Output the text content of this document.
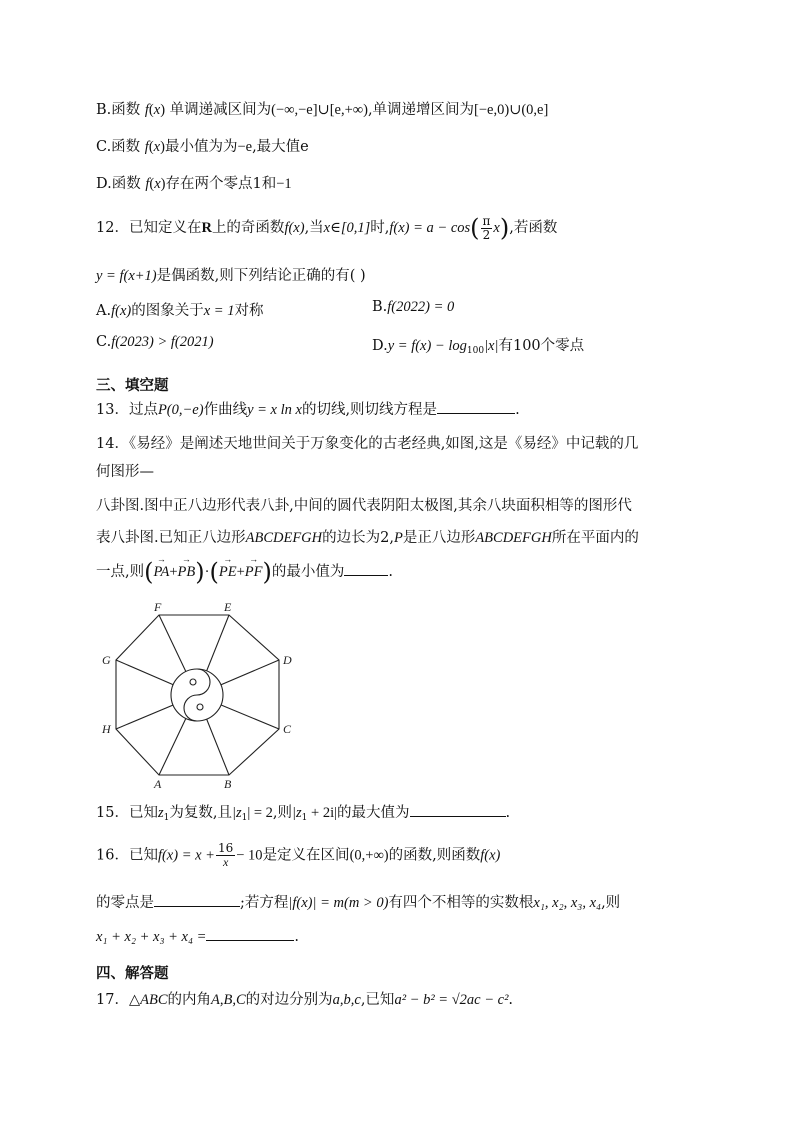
B.函数 f(x) 单调递减区间为(−∞,−e]∪[e,+∞),单调递增区间为[−e,0)∪(0,e]
C.函数 f(x)最小值为为−e,最大值e
D.函数 f(x)存在两个零点1和−1
12．已知定义在R上的奇函数f(x),当x∈[0,1]时$,f(x) = a - \cos( \frac{\pi}{2} x)$,若函数
y = f(x+1)是偶函数,则下列结论正确的有( )
A.f(x)的图象关于x = 1对称	B.f(2022) = 0
C.f(2023) > f(2021)	$D.y = f(x) - \log_{100}|x|$有100个零点
三、填空题
13．过点P(0,−e)作曲线y = x ln x的切线,则切线方程是	.
14．《易经》是阐述天地世间关于万象变化的古老经典,如图,这是《易经》中记载的几
何图形—
八卦图.图中正八边形代表八卦,中间的圆代表阴阳太极图,其余八块面积相等的图形代
表八卦图.已知正八边形ABCDEFGH的边长为2,P是正八边形ABCDEFGH所在平面内的
一点,则(→ PA+→ PB)·(→ PE+→ PF)的最小值为	.
F	E
D
C
B
A
H
G
15．已知$z_1$为复数,且$|z_1| = 2$,则$|z_1 + 2i|$的最大值为	.
16．已知$f(x) = x + \frac{16}{x} - 10$是定义在区间(0,+∞)的函数,则函数f(x)
的零点是	;若方程|f(x)| = m(m > 0)有四个不相等的实数根x₁, x₂, x₃, x₄,则
x₁ + x₂ + x₃ + x₄ =	.
四、解答题
17．△ABC的内角A,B,C的对边分别为a,b,c,已知a² − b² = √2ac − c².
